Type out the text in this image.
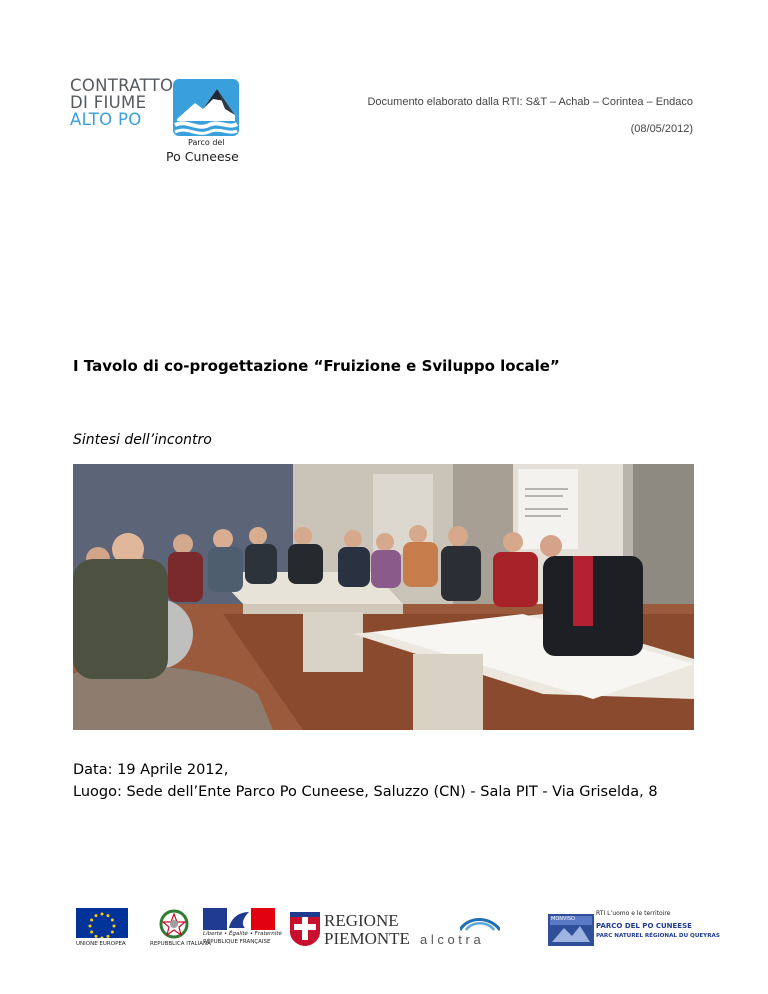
CONTRATTO
DI FIUME
ALTO PO
Parco del
Po Cuneese
Documento elaborato dalla RTI: S&T – Achab – Corintea – Endaco
(08/05/2012)
I Tavolo di co-progettazione “Fruizione e Sviluppo locale”
Sintesi dell’incontro
Data: 19 Aprile 2012,
Luogo: Sede dell’Ente Parco Po Cuneese, Saluzzo (CN) - Sala PIT - Via Griselda, 8
UNIONE EUROPEA	REPUBBLICA ITALIANA
Liberté • Égalité • Fraternité
RÉPUBLIQUE FRANÇAISE
REGIONE
PIEMONTE a l c o t r a
MONVISO
RTI L’uomo e le territoire
PARCO DEL PO CUNEESE
PARC NATUREL RÉGIONAL DU QUEYRAS
